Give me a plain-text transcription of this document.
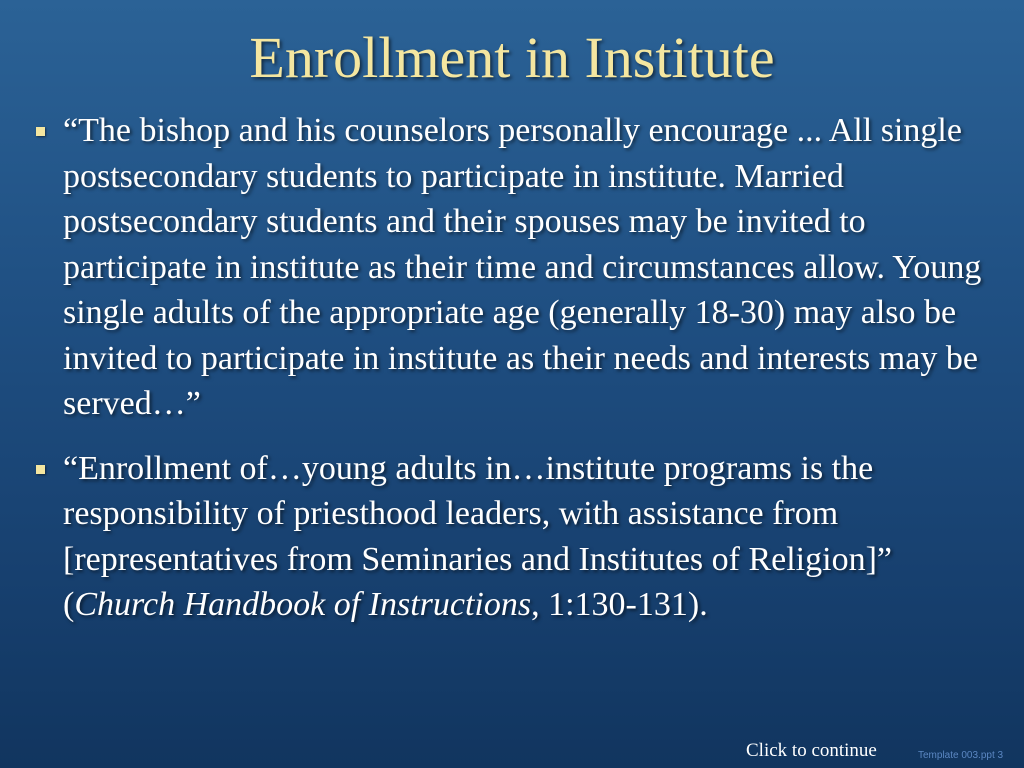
Enrollment in Institute
“The bishop and his counselors personally encourage ... All single postsecondary students to participate in institute. Married postsecondary students and their spouses may be invited to participate in institute as their time and circumstances allow. Young single adults of the appropriate age (generally 18-30) may also be invited to participate in institute as their needs and interests may be served…”
“Enrollment of…young adults in…institute programs is the responsibility of priesthood leaders, with assistance from [representatives from Seminaries and Institutes of Religion]” (Church Handbook of Instructions, 1:130-131).
Click to continue	Template 003.ppt 3
